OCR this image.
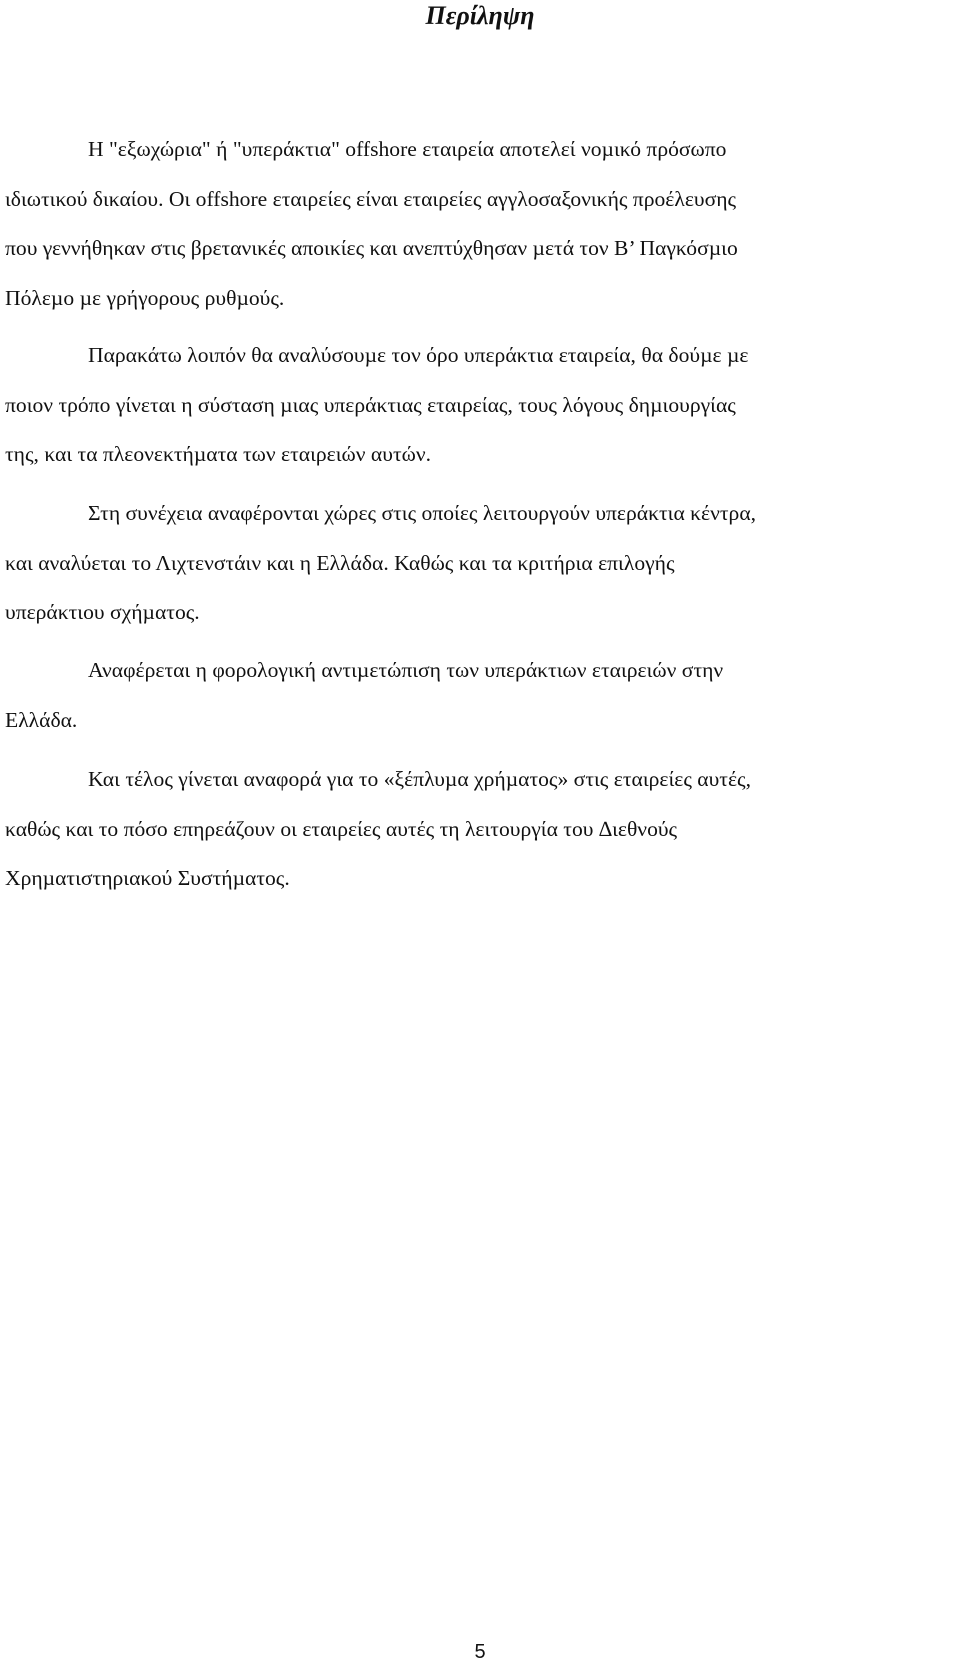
Περίληψη
Η "εξωχώρια" ή "υπεράκτια" offshore εταιρεία αποτελεί νοµικό πρόσωπο
ιδιωτικού δικαίου. Οι offshore εταιρείες είναι εταιρείες αγγλοσαξονικής προέλευσης
που γεννήθηκαν στις βρετανικές αποικίες και ανεπτύχθησαν µετά τον Β’ Παγκόσµιο
Πόλεµο µε γρήγορους ρυθµούς.
Παρακάτω λοιπόν θα αναλύσουµε τον όρο υπεράκτια εταιρεία, θα δούµε µε
ποιον τρόπο γίνεται η σύσταση µιας υπεράκτιας εταιρείας, τους λόγους δηµιουργίας
της, και τα πλεονεκτήµατα των εταιρειών αυτών.
Στη συνέχεια αναφέρονται χώρες στις οποίες λειτουργούν υπεράκτια κέντρα,
και αναλύεται το Λιχτενστάιν και η Ελλάδα. Καθώς και τα κριτήρια επιλογής
υπεράκτιου σχήµατος.
Αναφέρεται η φορολογική αντιµετώπιση των υπεράκτιων εταιρειών στην
Ελλάδα.
Και τέλος γίνεται αναφορά για το «ξέπλυµα χρήµατος» στις εταιρείες αυτές,
καθώς και το πόσο επηρεάζουν οι εταιρείες αυτές τη λειτουργία του ∆ιεθνούς
Χρηµατιστηριακού Συστήµατος.
5
